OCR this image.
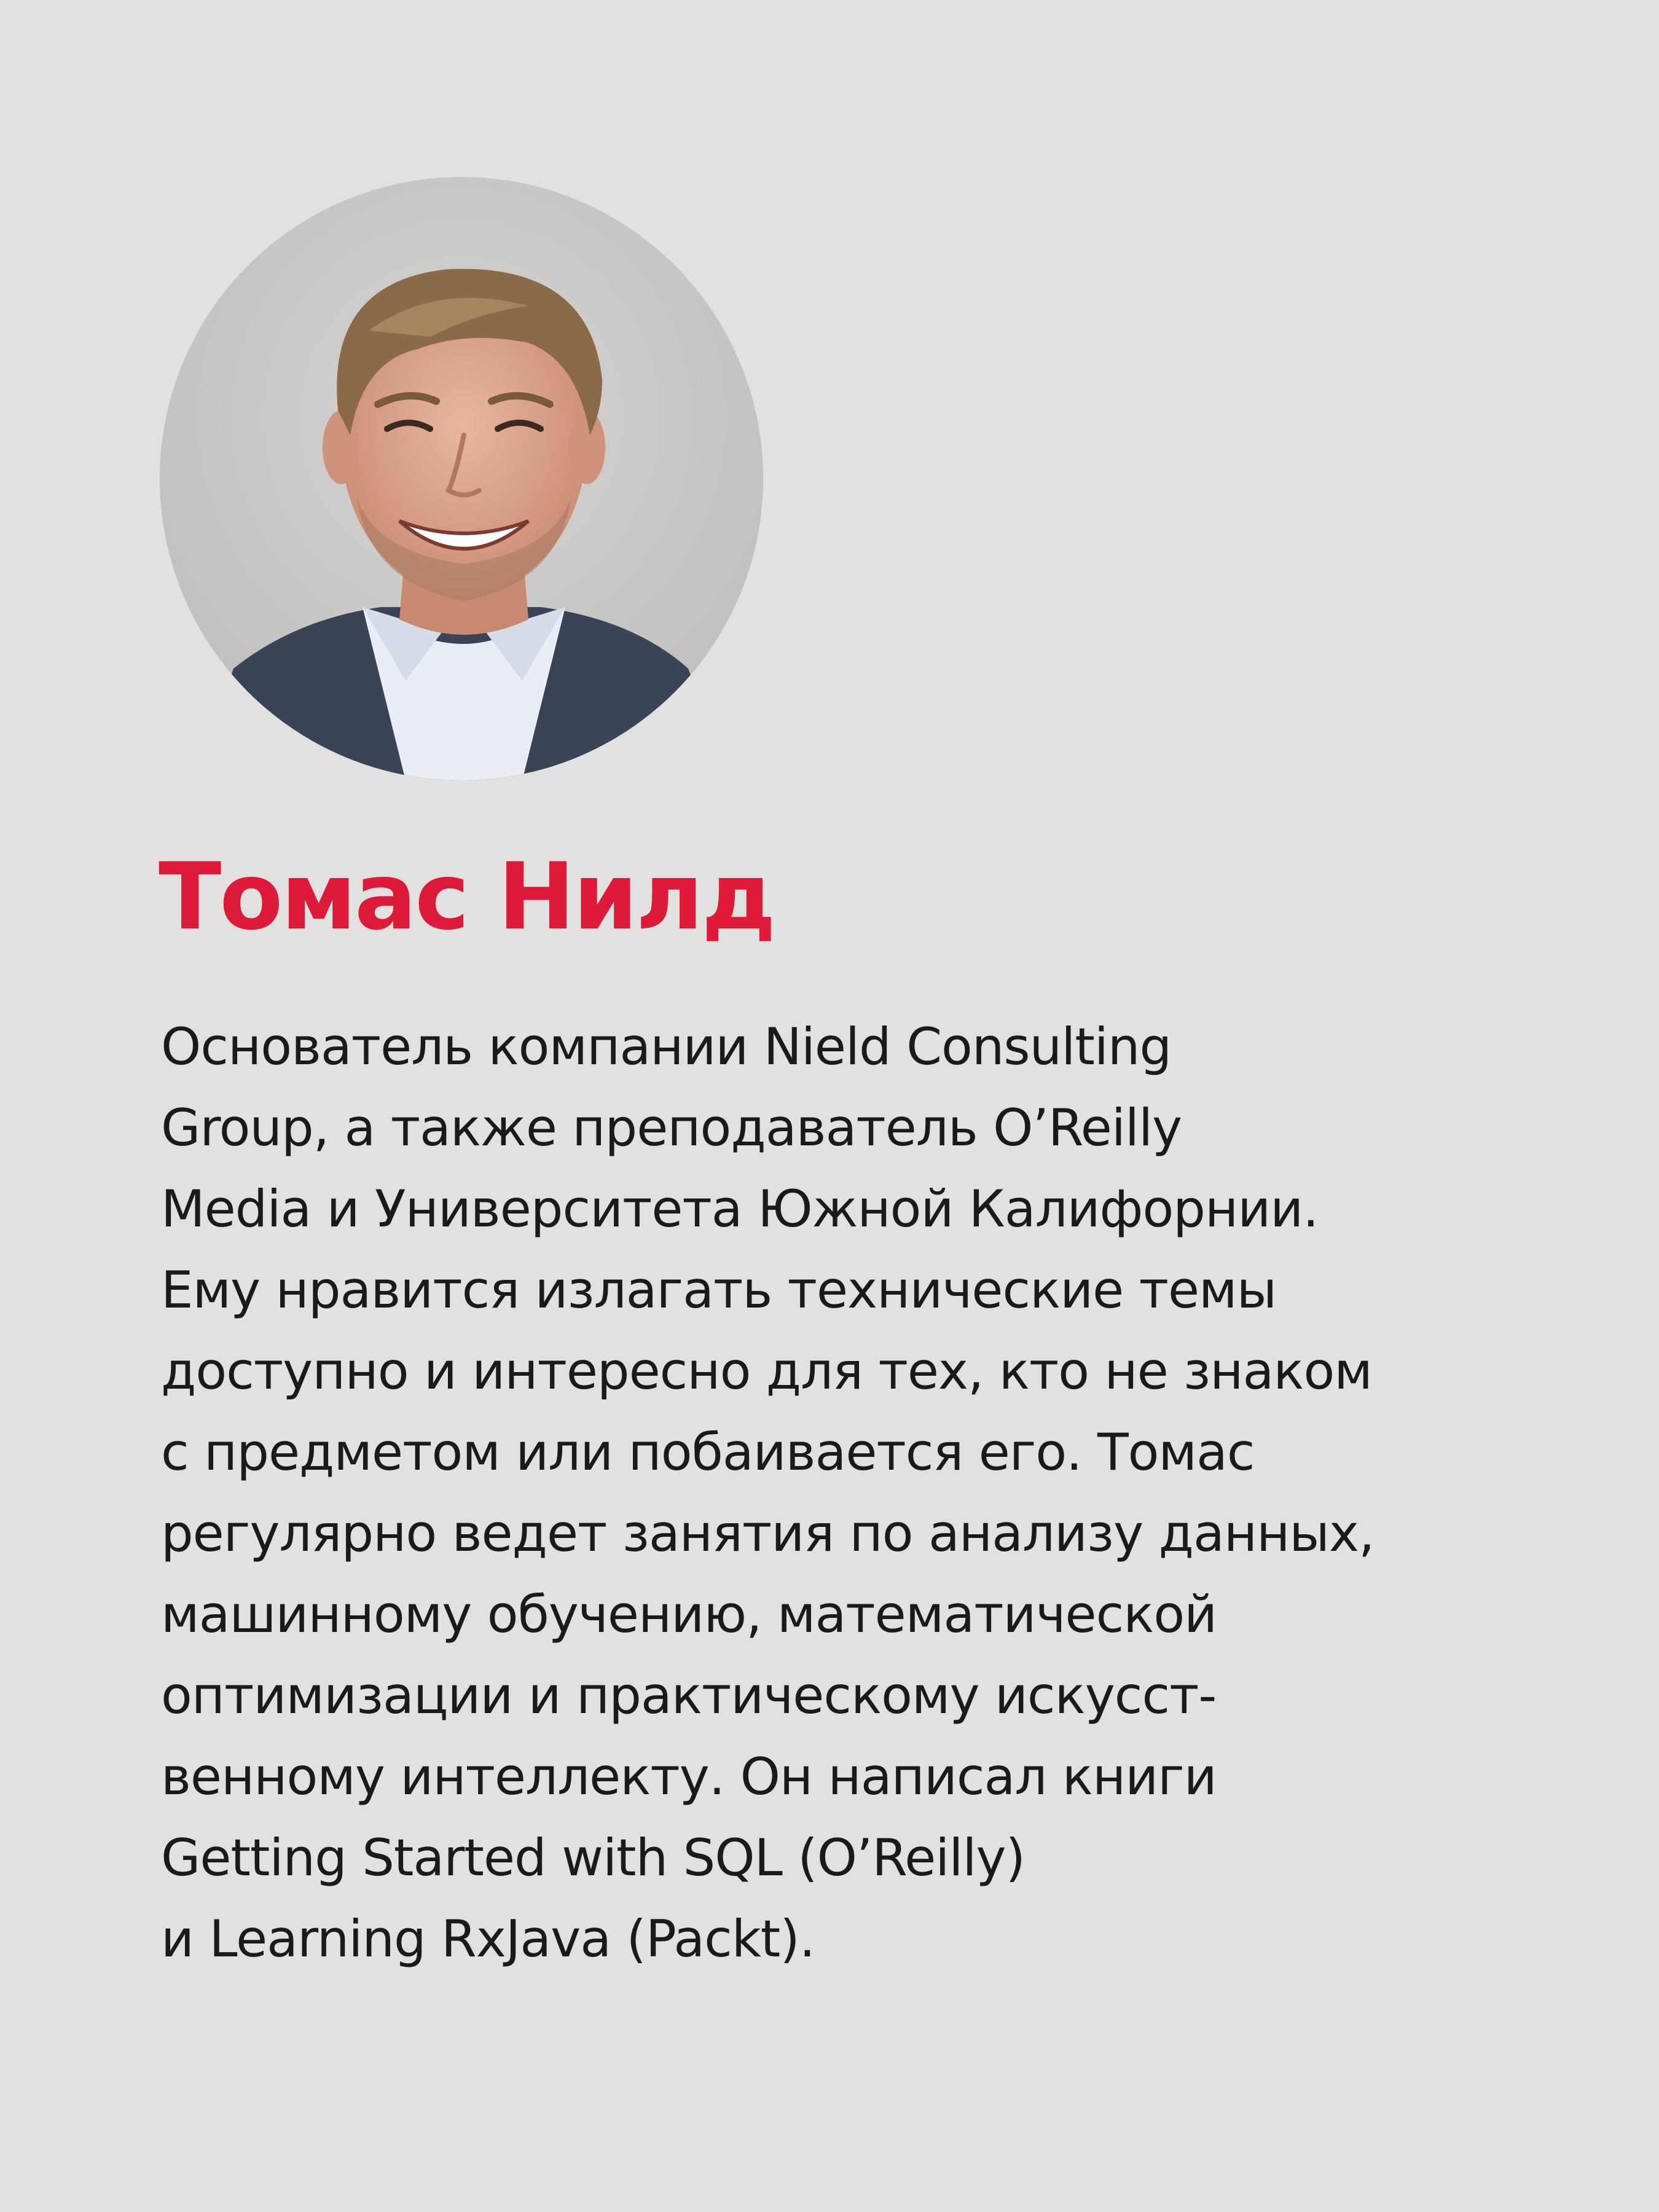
Томас Нилд
Основатель компании Nield Consulting
Group, а также преподаватель O’Reilly
Media и Университета Южной Калифорнии.
Ему нравится излагать технические темы
доступно и интересно для тех, кто не знаком
с предметом или побаивается его. Томас
регулярно ведет занятия по анализу данных,
машинному обучению, математической
оптимизации и практическому искусст-
венному интеллекту. Он написал книги
Getting Started with SQL (O’Reilly)
и Learning RxJava (Packt).
